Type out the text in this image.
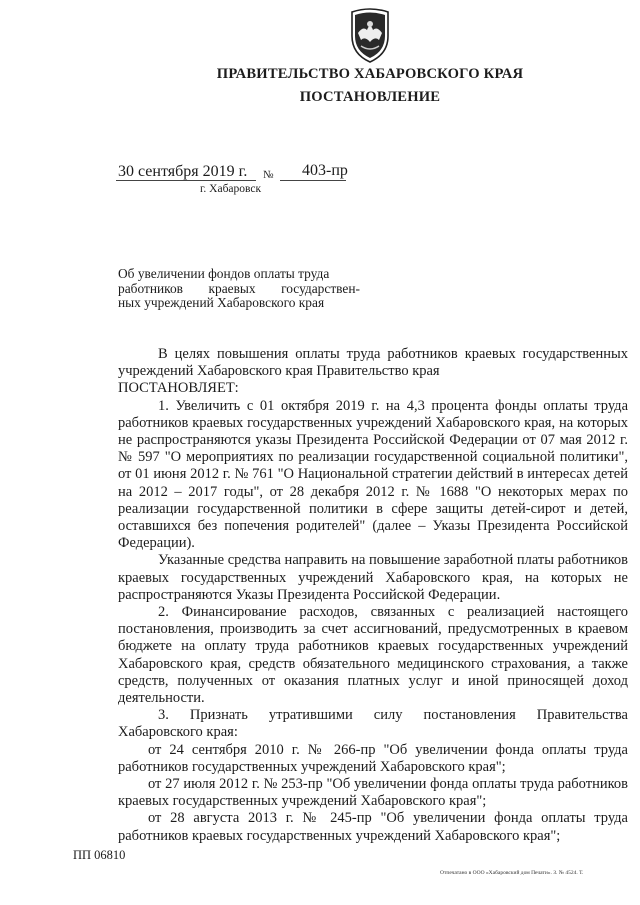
ПРАВИТЕЛЬСТВО ХАБАРОВСКОГО КРАЯ
ПОСТАНОВЛЕНИЕ
30 сентября 2019 г. № 403-пр
г. Хабаровск
Об увеличении фондов оплаты труда
работников краевых государствен-
ных учреждений Хабаровского края

В целях повышения оплаты труда работников краевых государственных учреждений Хабаровского края Правительство края

ПОСТАНОВЛЯЕТ:

1. Увеличить с 01 октября 2019 г. на 4,3 процента фонды оплаты труда работников краевых государственных учреждений Хабаровского края, на которых не распространяются указы Президента Российской Федерации от 07 мая 2012 г. № 597 "О мероприятиях по реализации государственной социальной политики", от 01 июня 2012 г. № 761 "О Национальной стратегии действий в интересах детей на 2012 – 2017 годы", от 28 декабря 2012 г. № 1688 "О некоторых мерах по реализации государственной политики в сфере защиты детей-сирот и детей, оставшихся без попечения родителей" (далее – Указы Президента Российской Федерации).

Указанные средства направить на повышение заработной платы работников краевых государственных учреждений Хабаровского края, на которых не распространяются Указы Президента Российской Федерации.

2. Финансирование расходов, связанных с реализацией настоящего постановления, производить за счет ассигнований, предусмотренных в краевом бюджете на оплату труда работников краевых государственных учреждений Хабаровского края, средств обязательного медицинского страхования, а также средств, полученных от оказания платных услуг и иной приносящей доход деятельности.

3. Признать утратившими силу постановления Правительства Хабаровского края:

от 24 сентября 2010 г. № 266-пр "Об увеличении фонда оплаты труда работников государственных учреждений Хабаровского края";

от 27 июля 2012 г. № 253-пр "Об увеличении фонда оплаты труда работников краевых государственных учреждений Хабаровского края";

от 28 августа 2013 г. № 245-пр "Об увеличении фонда оплаты труда работников краевых государственных учреждений Хабаровского края";

ПП 06810
Отпечатано в ООО «Хабаровский дом Печати». З. № 4524. Т.
